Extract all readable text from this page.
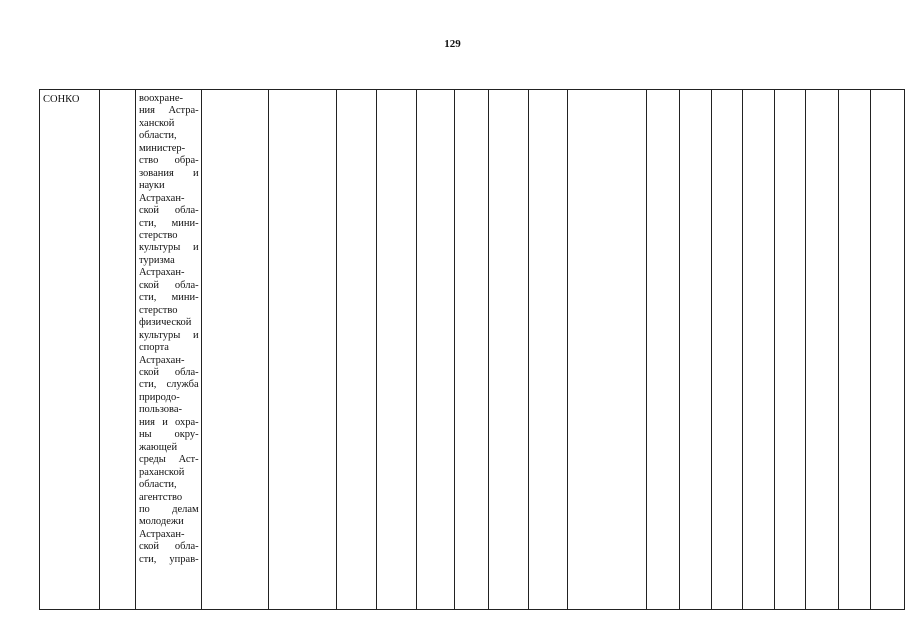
129
СОНКО		воохране-
ния Астра-
ханской
области,
министер-
ство обра-
зования и
науки
Астрахан-
ской обла-
сти, мини-
стерство
культуры и
туризма
Астрахан-
ской обла-
сти, мини-
стерство
физической
культуры и
спорта
Астрахан-
ской обла-
сти, служба
природо-
пользова-
ния и охра-
ны окру-
жающей
среды Аст-
раханской
области,
агентство
по делам
молодежи
Астрахан-
ской обла-
сти, управ-
